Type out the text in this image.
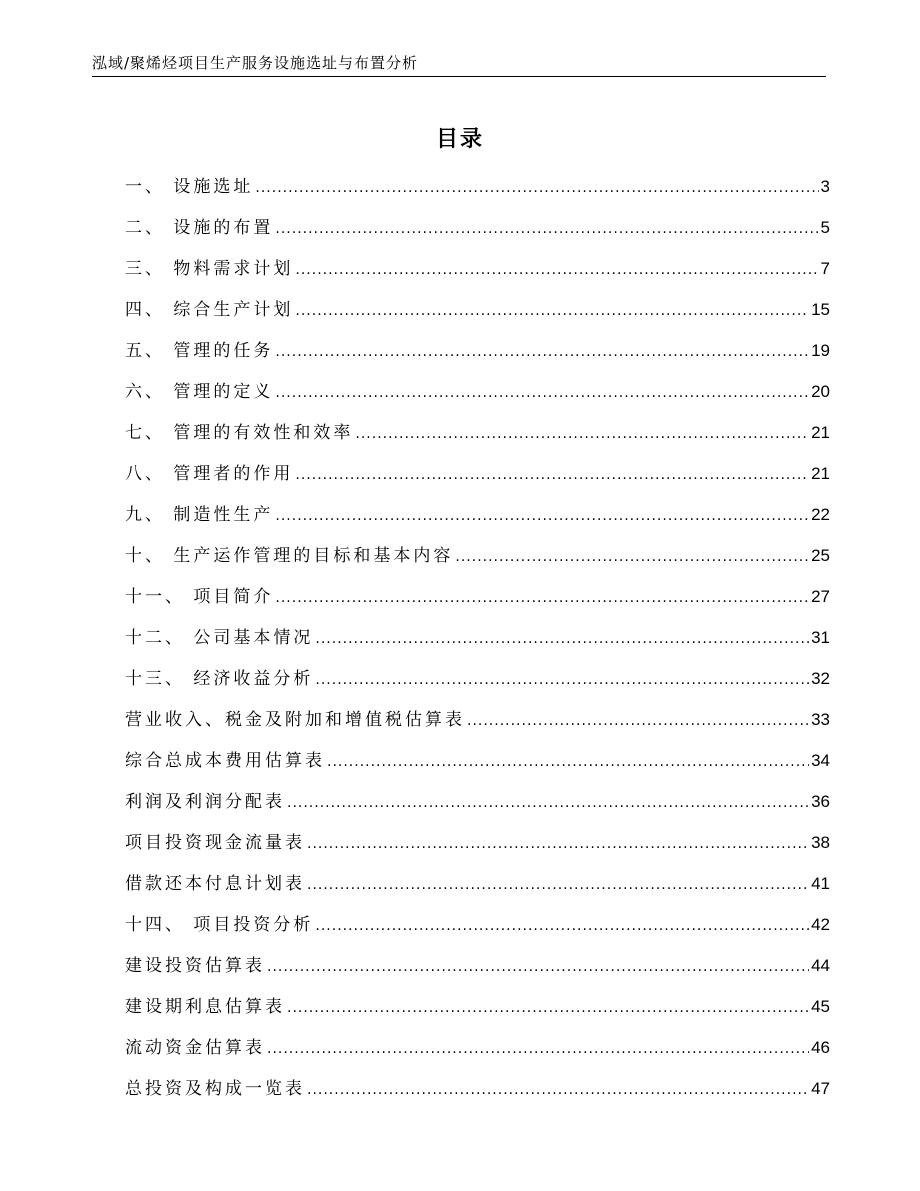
泓域/聚烯烃项目生产服务设施选址与布置分析
目录
一、 设施选址 .....	3
二、 设施的布置 .....	5
三、 物料需求计划 .....	7
四、 综合生产计划 .....	15
五、 管理的任务 .....	19
六、 管理的定义 .....	20
七、 管理的有效性和效率 .....	21
八、 管理者的作用 .....	21
九、 制造性生产 .....	22
十、 生产运作管理的目标和基本内容 .....	25
十一、 项目简介 .....	27
十二、 公司基本情况 .....	31
十三、 经济收益分析 .....	32
营业收入、税金及附加和增值税估算表 .....	33
综合总成本费用估算表 .....	34
利润及利润分配表 .....	36
项目投资现金流量表 .....	38
借款还本付息计划表 .....	41
十四、 项目投资分析 .....	42
建设投资估算表 .....	44
建设期利息估算表 .....	45
流动资金估算表 .....	46
总投资及构成一览表 .....	47
